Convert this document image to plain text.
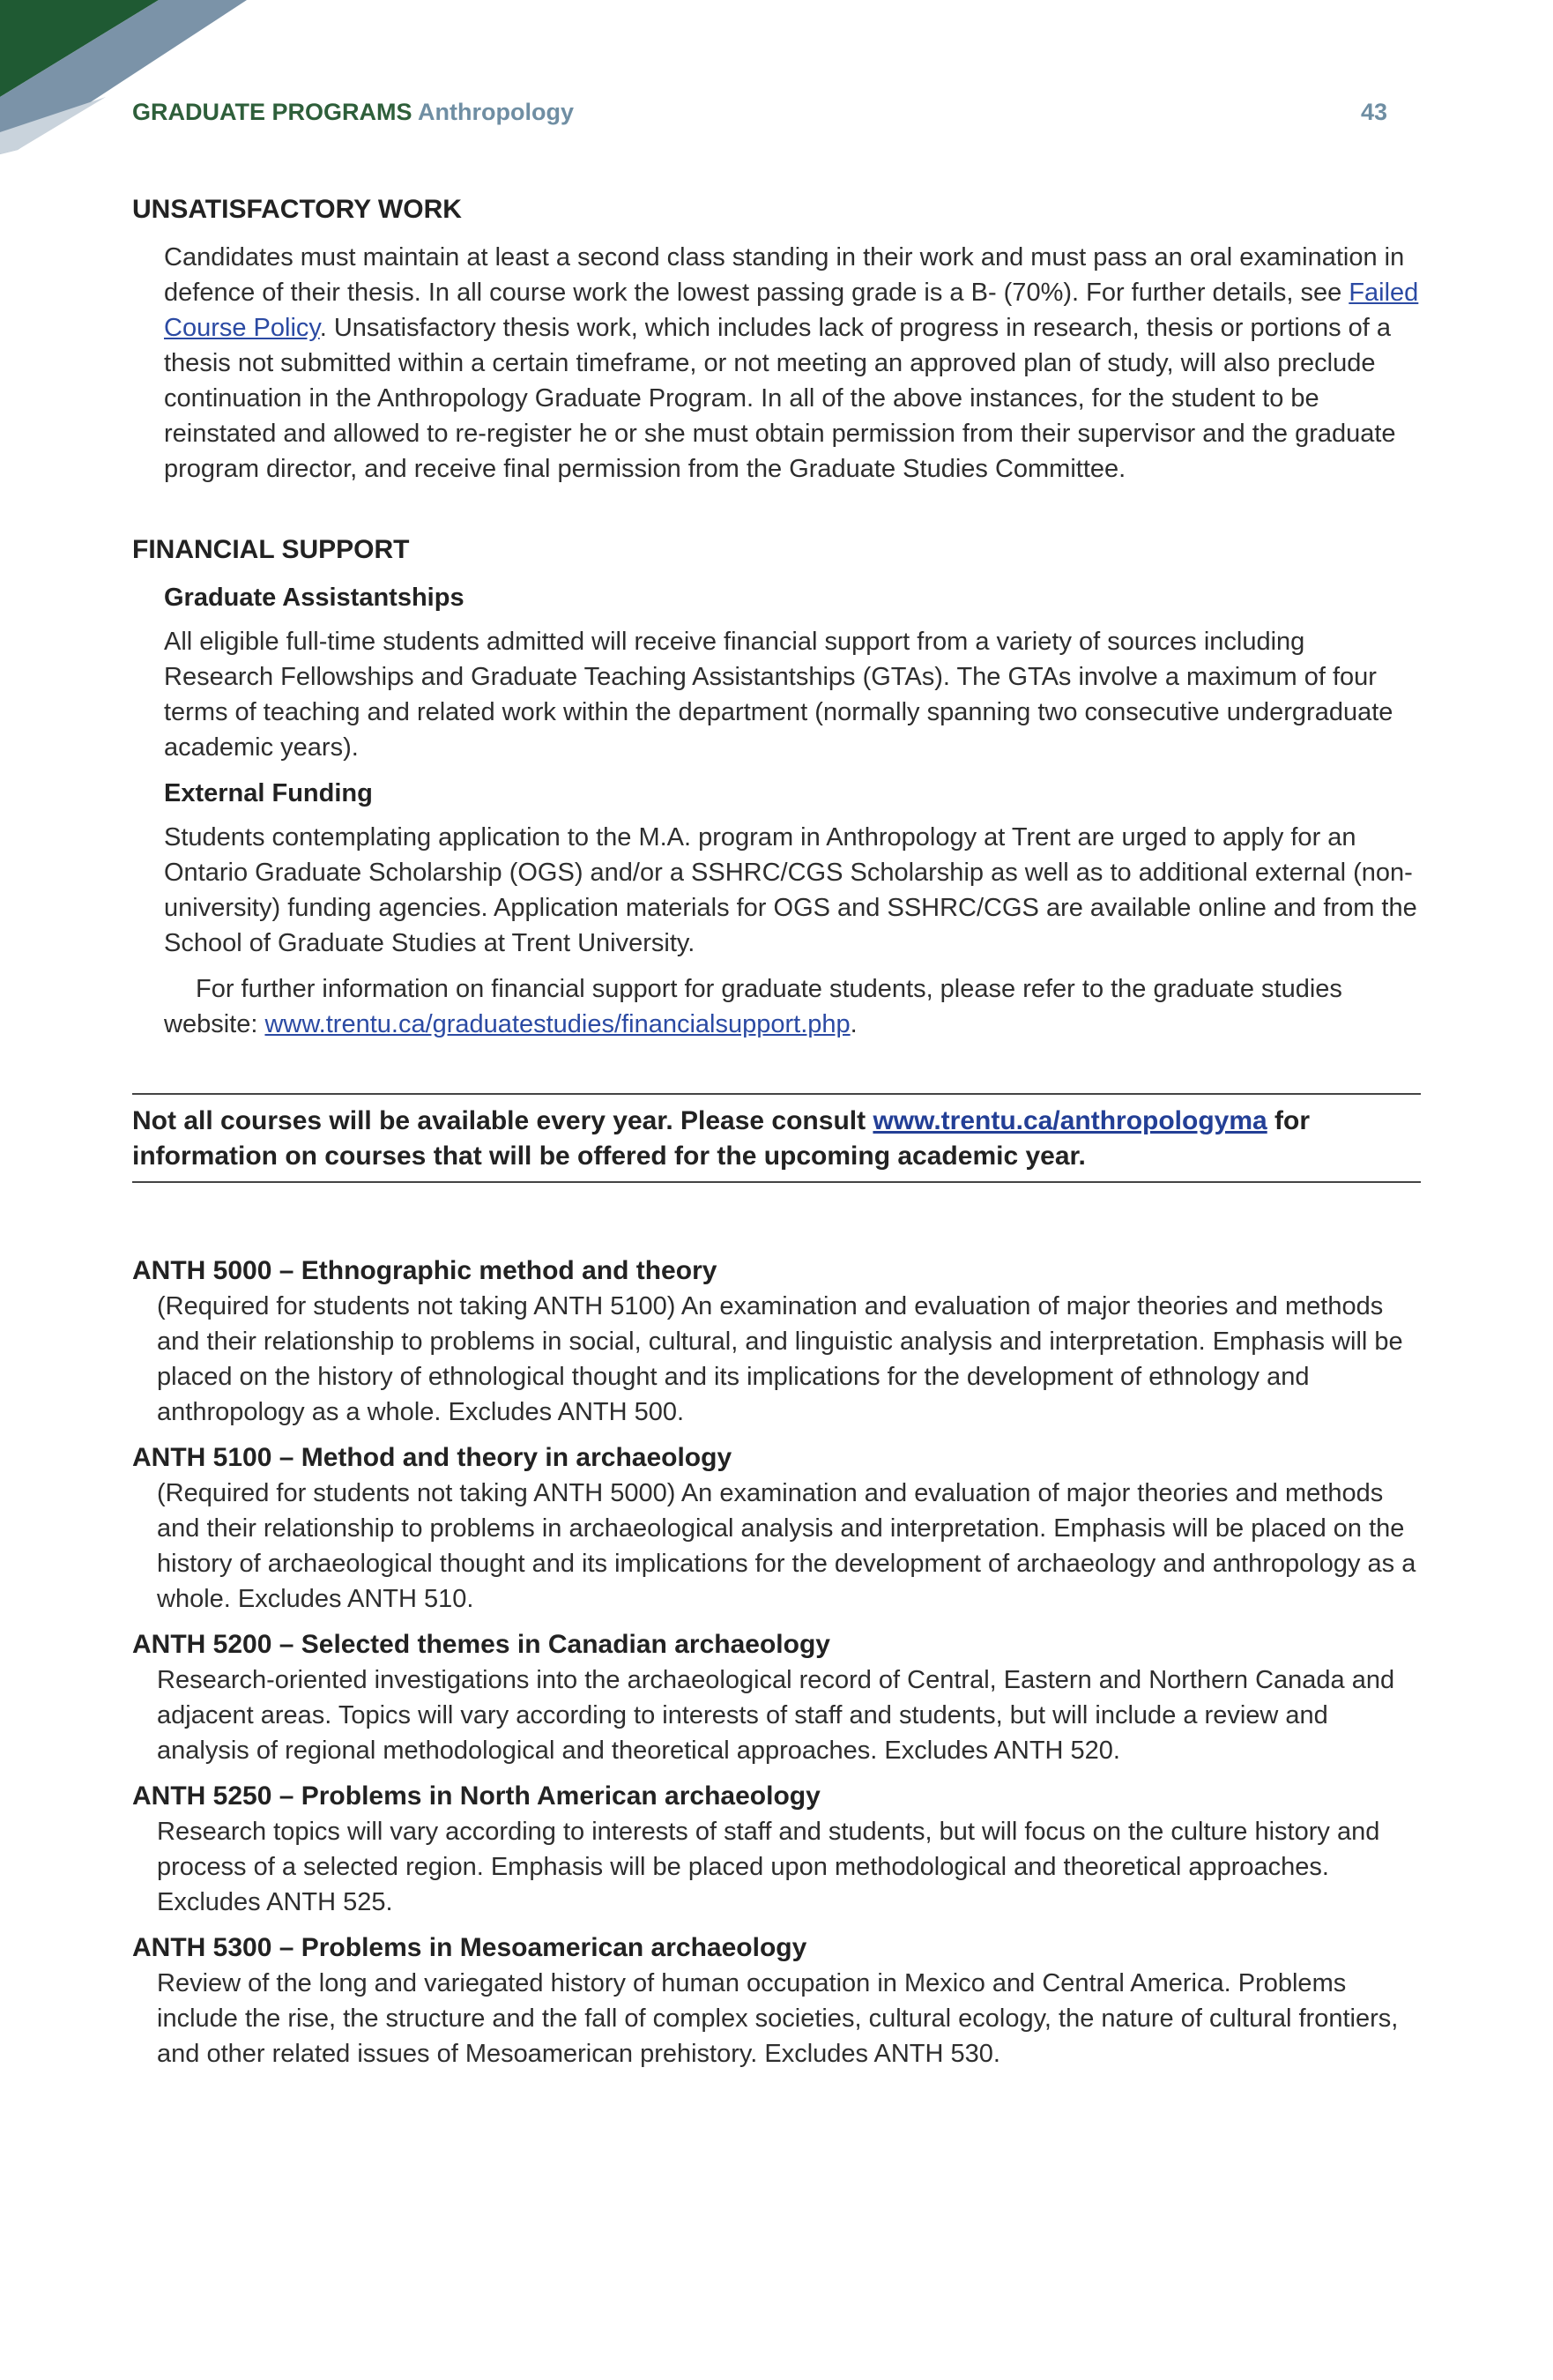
GRADUATE PROGRAMS Anthropology	43
UNSATISFACTORY WORK

Candidates must maintain at least a second class standing in their work and must pass an oral examination in defence of their thesis. In all course work the lowest passing grade is a B- (70%). For further details, see Failed Course Policy. Unsatisfactory thesis work, which includes lack of progress in research, thesis or portions of a thesis not submitted within a certain timeframe, or not meeting an approved plan of study, will also preclude continuation in the Anthropology Graduate Program. In all of the above instances, for the student to be reinstated and allowed to re-register he or she must obtain permission from their supervisor and the graduate program director, and receive final permission from the Graduate Studies Committee.

FINANCIAL SUPPORT
Graduate Assistantships

All eligible full-time students admitted will receive financial support from a variety of sources including Research Fellowships and Graduate Teaching Assistantships (GTAs). The GTAs involve a maximum of four terms of teaching and related work within the department (normally spanning two consecutive undergraduate academic years).

External Funding

Students contemplating application to the M.A. program in Anthropology at Trent are urged to apply for an Ontario Graduate Scholarship (OGS) and/or a SSHRC/CGS Scholarship as well as to additional external (non-university) funding agencies. Application materials for OGS and SSHRC/CGS are available online and from the School of Graduate Studies at Trent University.

For further information on financial support for graduate students, please refer to the graduate studies website: www.trentu.ca/graduatestudies/financialsupport.php.

Not all courses will be available every year. Please consult www.trentu.ca/anthropologyma for information on courses that will be offered for the upcoming academic year.
ANTH 5000 – Ethnographic method and theory
(Required for students not taking ANTH 5100) An examination and evaluation of major theories and methods and their relationship to problems in social, cultural, and linguistic analysis and interpretation. Emphasis will be placed on the history of ethnological thought and its implications for the development of ethnology and anthropology as a whole. Excludes ANTH 500.
ANTH 5100 – Method and theory in archaeology
(Required for students not taking ANTH 5000) An examination and evaluation of major theories and methods and their relationship to problems in archaeological analysis and interpretation. Emphasis will be placed on the history of archaeological thought and its implications for the development of archaeology and anthropology as a whole. Excludes ANTH 510.
ANTH 5200 – Selected themes in Canadian archaeology
Research-oriented investigations into the archaeological record of Central, Eastern and Northern Canada and adjacent areas. Topics will vary according to interests of staff and students, but will include a review and analysis of regional methodological and theoretical approaches. Excludes ANTH 520.
ANTH 5250 – Problems in North American archaeology
Research topics will vary according to interests of staff and students, but will focus on the culture history and process of a selected region. Emphasis will be placed upon methodological and theoretical approaches. Excludes ANTH 525.
ANTH 5300 – Problems in Mesoamerican archaeology
Review of the long and variegated history of human occupation in Mexico and Central America. Problems include the rise, the structure and the fall of complex societies, cultural ecology, the nature of cultural frontiers, and other related issues of Mesoamerican prehistory. Excludes ANTH 530.
